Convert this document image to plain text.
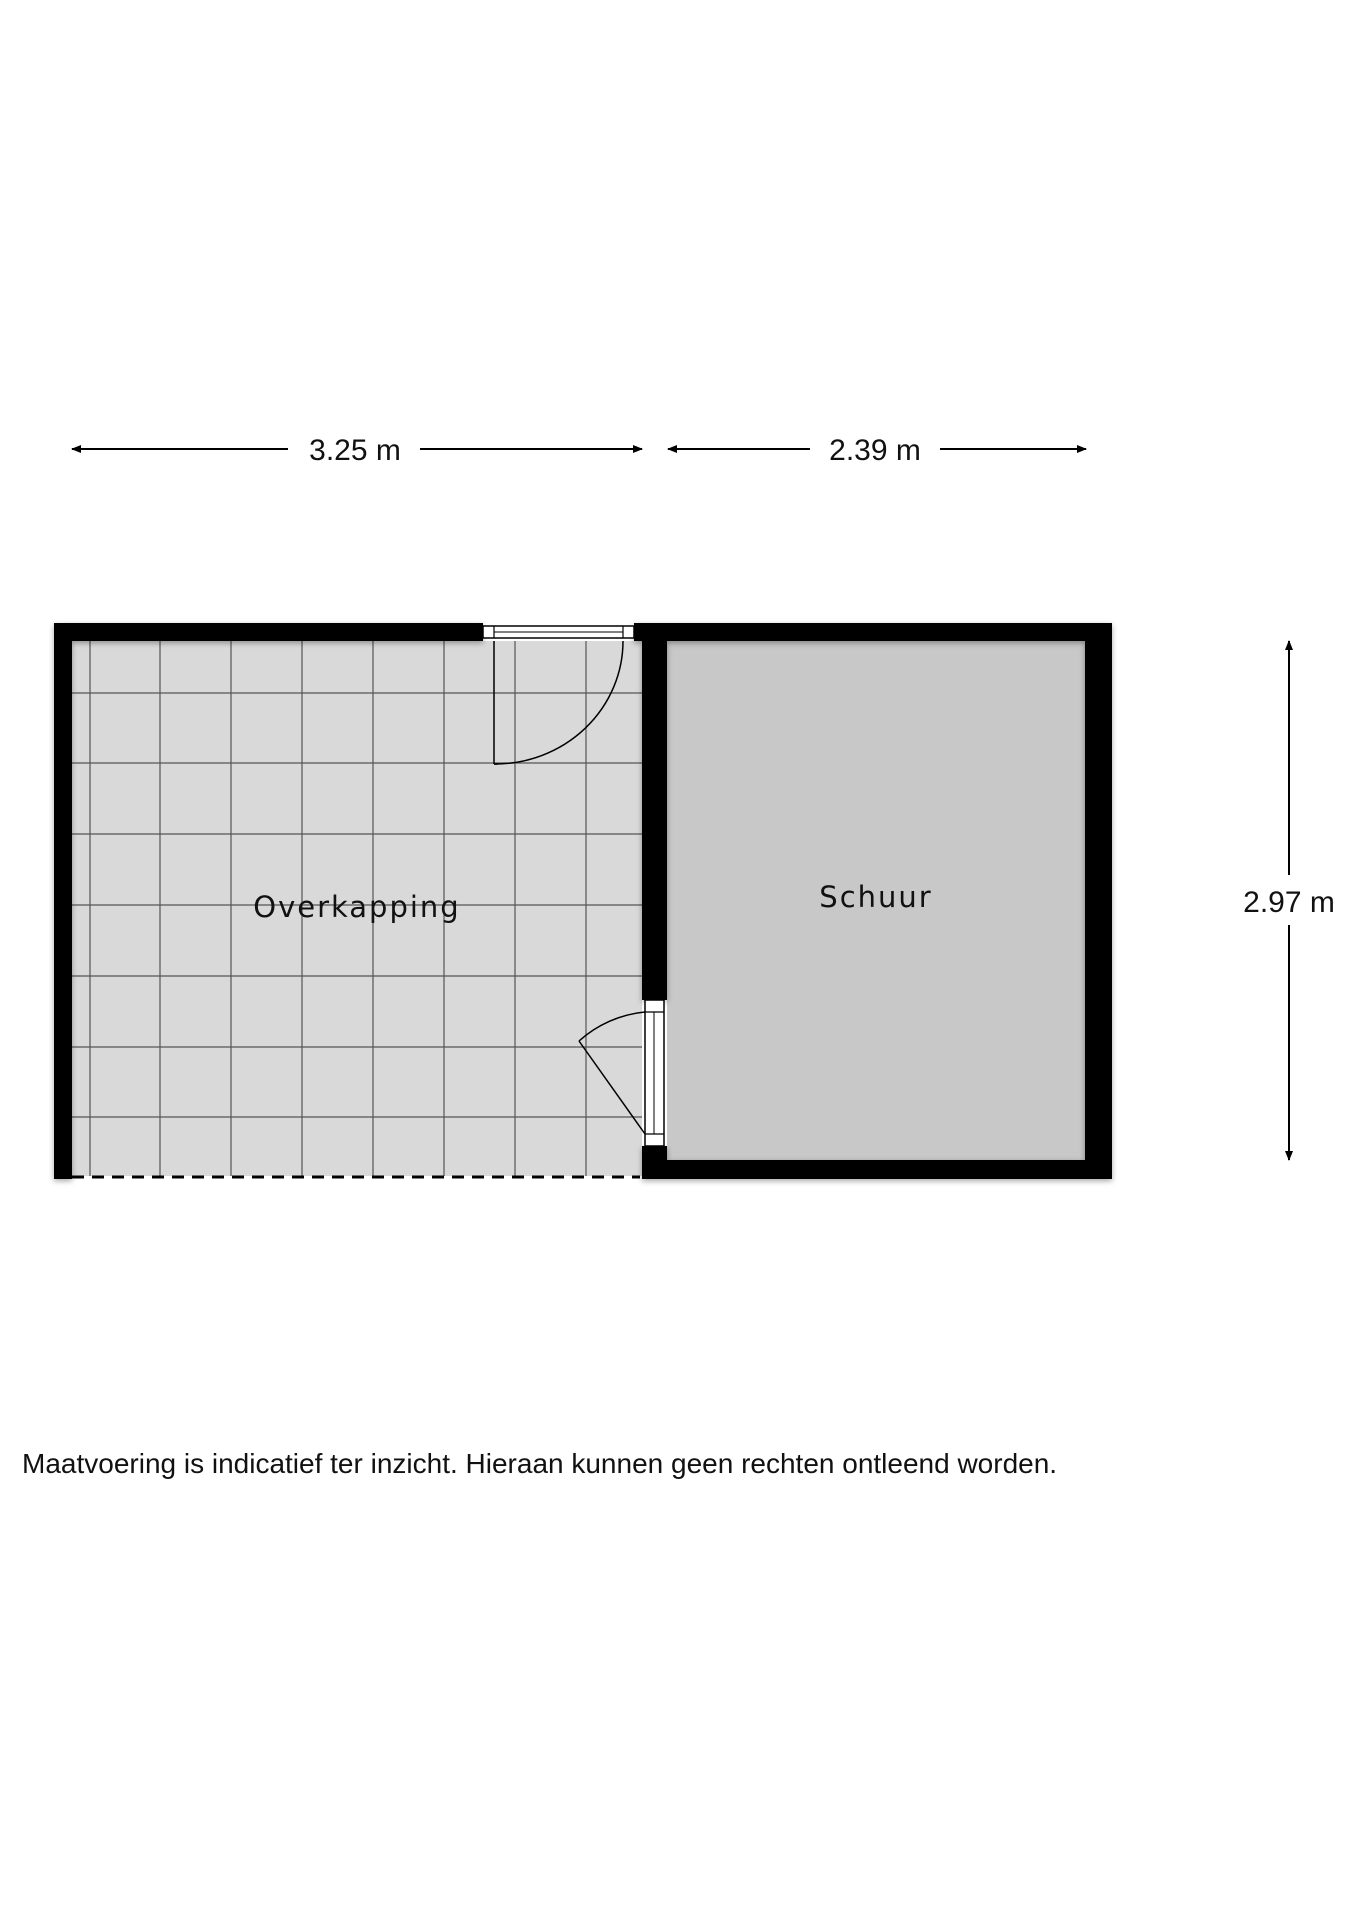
3.25 m	2.39 m
2.97 m
Overkapping	Schuur
Maatvoering is indicatief ter inzicht. Hieraan kunnen geen rechten ontleend worden.
